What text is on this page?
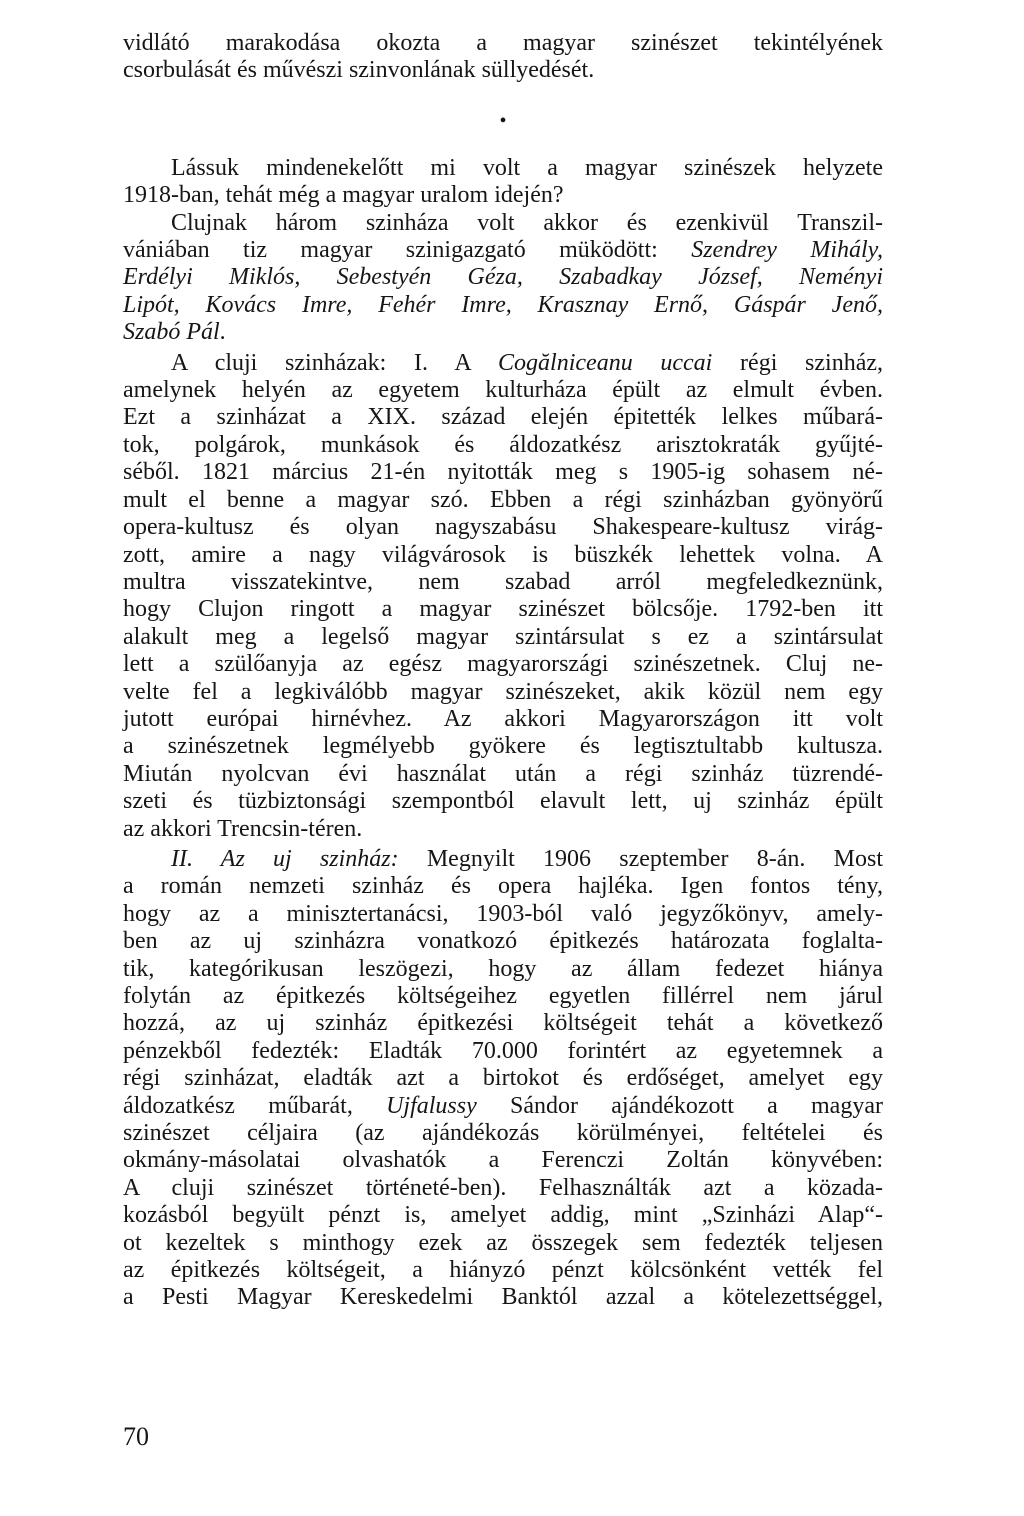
vidlátó marakodása okozta a magyar szinészet tekintélyének

csorbulását és művészi szinvonlának süllyedését.

•

Lássuk mindenekelőtt mi volt a magyar szinészek helyzete

1918-ban, tehát még a magyar uralom idején?

Clujnak három szinháza volt akkor és ezenkivül Transzil-

vániában tiz magyar szinigazgató müködött: Szendrey Mihály,

Erdélyi Miklós, Sebestyén Géza, Szabadkay József, Neményi

Lipót, Kovács Imre, Fehér Imre, Krasznay Ernő, Gáspár Jenő,

Szabó Pál.

A cluji szinházak: I. A Cogălniceanu uccai régi szinház,

amelynek helyén az egyetem kulturháza épült az elmult évben.

Ezt a szinházat a XIX. század elején épitették lelkes műbará-

tok, polgárok, munkások és áldozatkész arisztokraták gyűjté-

séből. 1821 március 21-én nyitották meg s 1905-ig sohasem né-

mult el benne a magyar szó. Ebben a régi szinházban gyönyörű

opera-kultusz és olyan nagyszabásu Shakespeare-kultusz virág-

zott, amire a nagy világvárosok is büszkék lehettek volna. A

multra visszatekintve, nem szabad arról megfeledkeznünk,

hogy Clujon ringott a magyar szinészet bölcsője. 1792-ben itt

alakult meg a legelső magyar szintársulat s ez a szintársulat

lett a szülőanyja az egész magyarországi szinészetnek. Cluj ne-

velte fel a legkiválóbb magyar szinészeket, akik közül nem egy

jutott európai hirnévhez. Az akkori Magyarországon itt volt

a szinészetnek legmélyebb gyökere és legtisztultabb kultusza.

Miután nyolcvan évi használat után a régi szinház tüzrendé-

szeti és tüzbiztonsági szempontból elavult lett, uj szinház épült

az akkori Trencsin-téren.

II. Az uj szinház: Megnyilt 1906 szeptember 8-án. Most

a román nemzeti szinház és opera hajléka. Igen fontos tény,

hogy az a minisztertanácsi, 1903-ból való jegyzőkönyv, amely-

ben az uj szinházra vonatkozó épitkezés határozata foglalta-

tik, kategórikusan leszögezi, hogy az állam fedezet hiánya

folytán az épitkezés költségeihez egyetlen fillérrel nem járul

hozzá, az uj szinház épitkezési költségeit tehát a következő

pénzekből fedezték: Eladták 70.000 forintért az egyetemnek a

régi szinházat, eladták azt a birtokot és erdőséget, amelyet egy

áldozatkész műbarát, Ujfalussy Sándor ajándékozott a magyar

szinészet céljaira (az ajándékozás körülményei, feltételei és

okmány-másolatai olvashatók a Ferenczi Zoltán könyvében:

A cluji szinészet történeté-ben). Felhasználták azt a közada-

kozásból begyült pénzt is, amelyet addig, mint „Szinházi Alap“-

ot kezeltek s minthogy ezek az összegek sem fedezték teljesen

az épitkezés költségeit, a hiányzó pénzt kölcsönként vették fel

a Pesti Magyar Kereskedelmi Banktól azzal a kötelezettséggel,

70
